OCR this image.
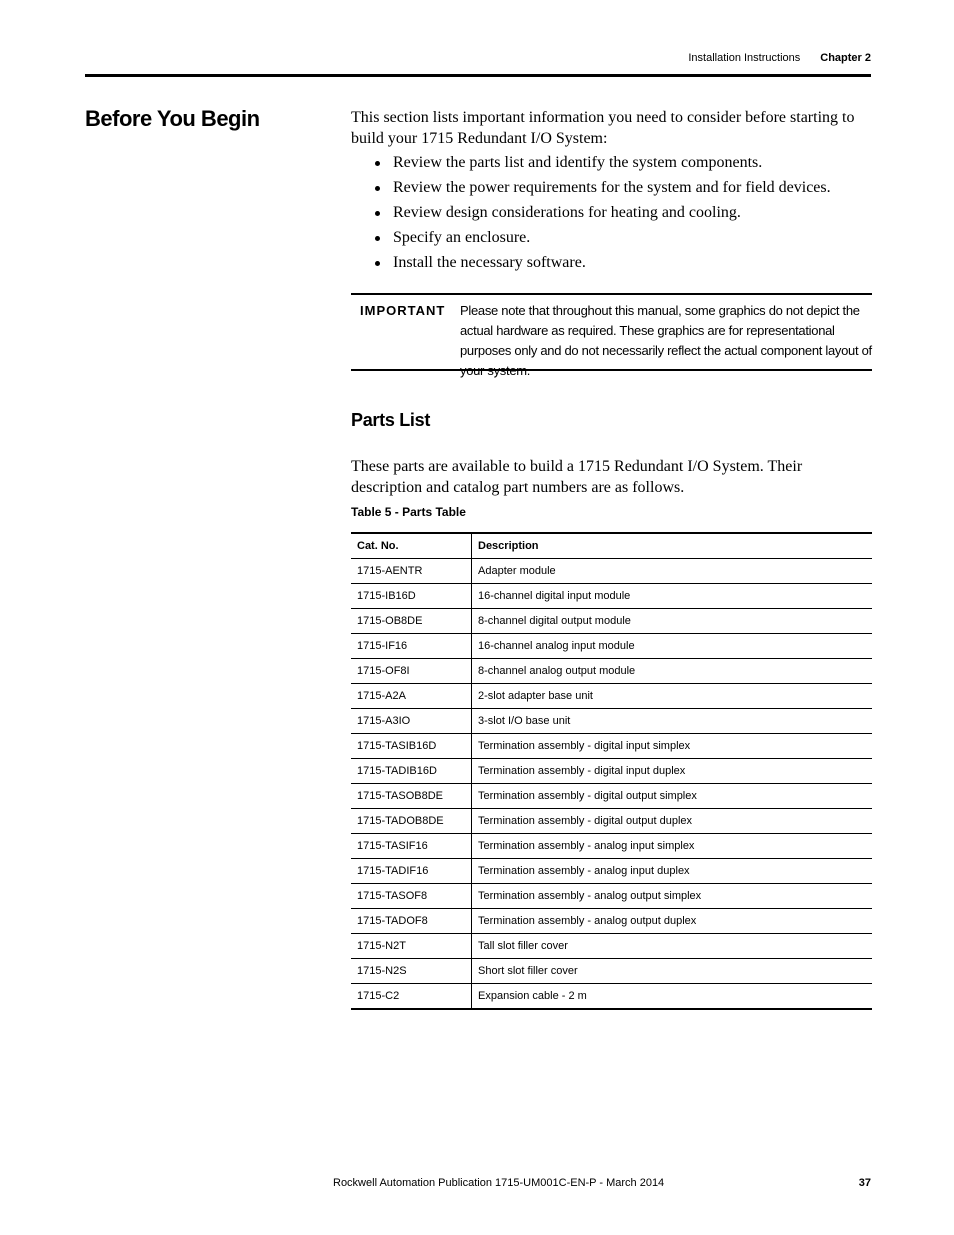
Installation Instructions Chapter 2
Before You Begin	This section lists important information you need to consider before starting to build your 1715 Redundant I/O System:
Review the parts list and identify the system components.
Review the power requirements for the system and for field devices.
Review design considerations for heating and cooling.
Specify an enclosure.
Install the necessary software.
IMPORTANT Please note that throughout this manual, some graphics do not depict the actual hardware as required. These graphics are for representational purposes only and do not necessarily reflect the actual component layout of your system.
Parts List
These parts are available to build a 1715 Redundant I/O System. Their description and catalog part numbers are as follows.
Table 5 - Parts Table
Cat. No.	Description
1715-AENTR	Adapter module
1715-IB16D	16-channel digital input module
1715-OB8DE	8-channel digital output module
1715-IF16	16-channel analog input module
1715-OF8I	8-channel analog output module
1715-A2A	2-slot adapter base unit
1715-A3IO	3-slot I/O base unit
1715-TASIB16D	Termination assembly - digital input simplex
1715-TADIB16D	Termination assembly - digital input duplex
1715-TASOB8DE	Termination assembly - digital output simplex
1715-TADOB8DE	Termination assembly - digital output duplex
1715-TASIF16	Termination assembly - analog input simplex
1715-TADIF16	Termination assembly - analog input duplex
1715-TASOF8	Termination assembly - analog output simplex
1715-TADOF8	Termination assembly - analog output duplex
1715-N2T	Tall slot filler cover
1715-N2S	Short slot filler cover
1715-C2	Expansion cable - 2 m
Rockwell Automation Publication 1715-UM001C-EN-P - March 2014	37
